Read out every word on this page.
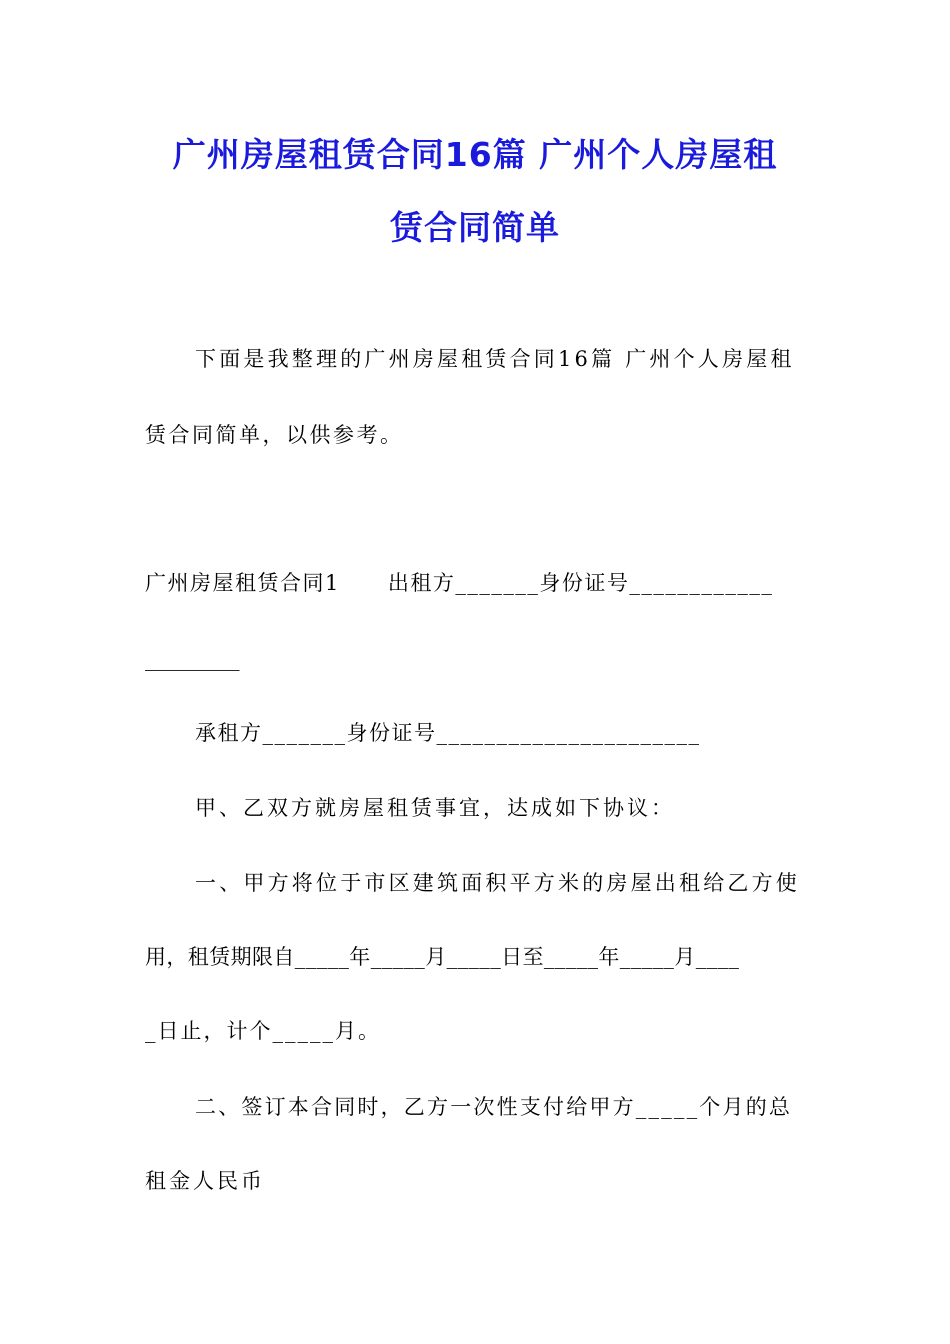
广州房屋租赁合同16篇 广州个人房屋租
赁合同简单
下面是我整理的广州房屋租赁合同16篇 广州个人房屋租
赁合同简单，以供参考。
广州房屋租赁合同1 出租方_______身份证号____________
_________
承租方_______身份证号______________________
甲、乙双方就房屋租赁事宜，达成如下协议：
一、甲方将位于市区建筑面积平方米的房屋出租给乙方使
用，租赁期限自_____年_____月_____日至_____年_____月____
_日止，计个_____月。
二、签订本合同时，乙方一次性支付给甲方_____个月的总
租金人民币
